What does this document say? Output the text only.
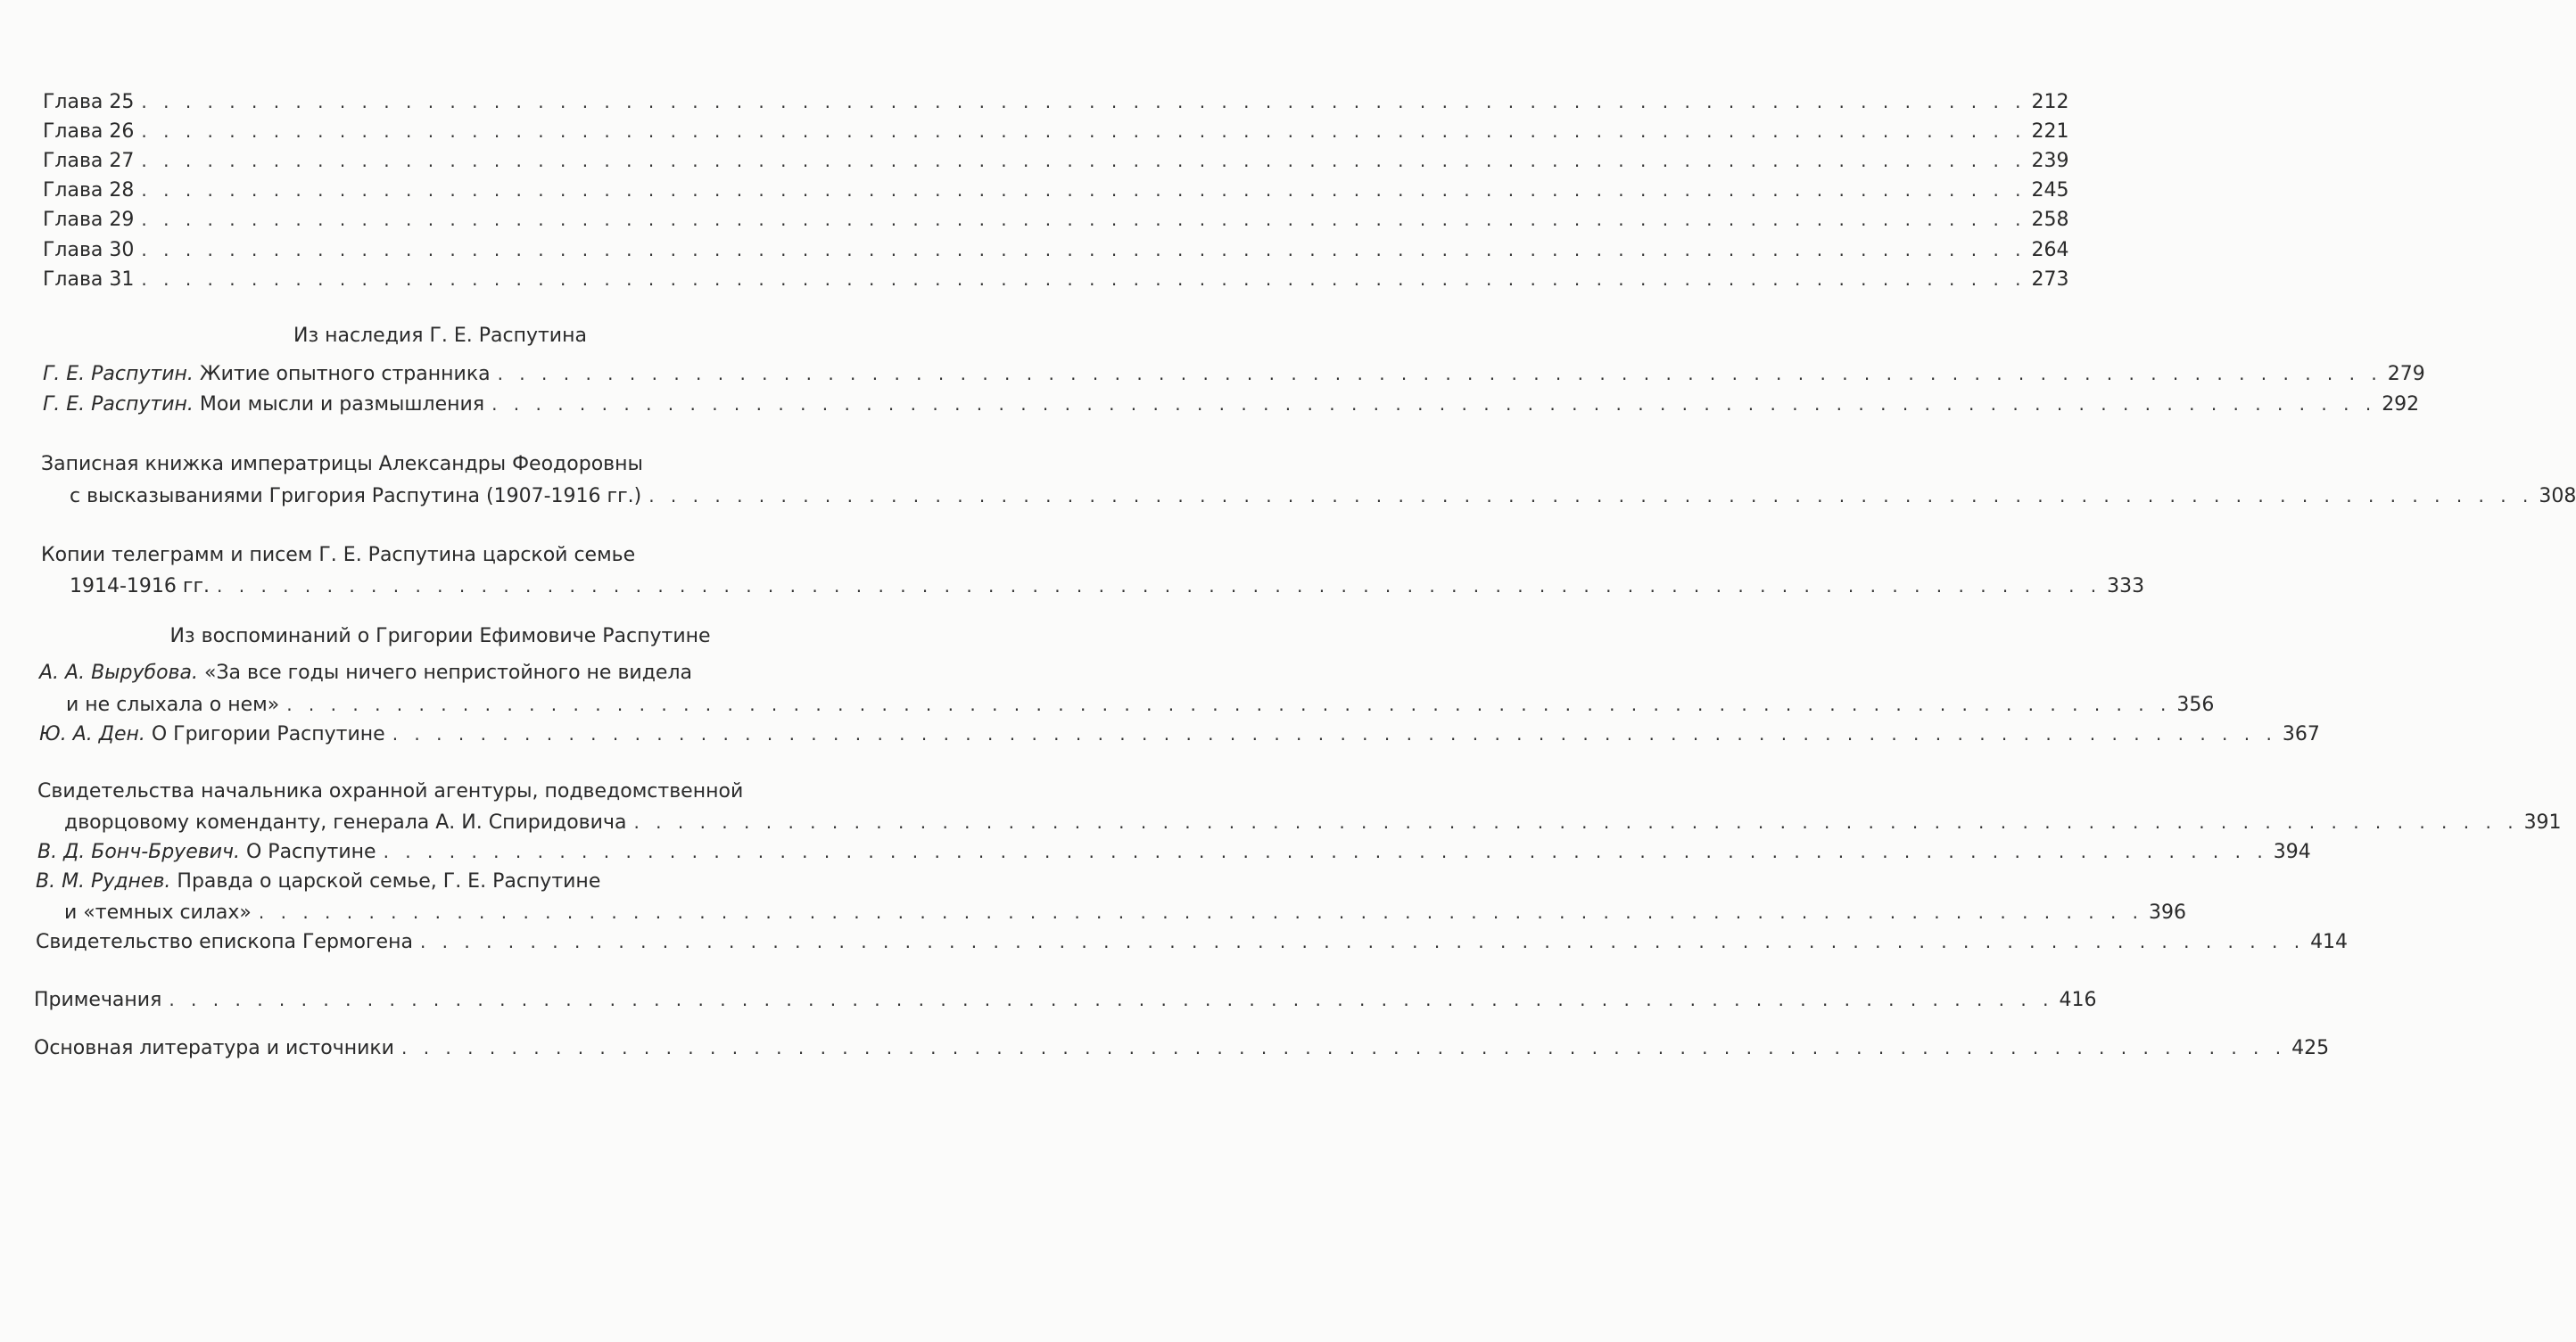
Глава 25 . . . . . . . . . . . . . . . . . . . . . . . . . . . . . . . . . . . . . . . . . . . . . . . . . . . . . . . . . . . . . . . . . . . . . . . . . . . . . . . . . . . . . . 212
Глава 26 . . . . . . . . . . . . . . . . . . . . . . . . . . . . . . . . . . . . . . . . . . . . . . . . . . . . . . . . . . . . . . . . . . . . . . . . . . . . . . . . . . . . . . 221
Глава 27 . . . . . . . . . . . . . . . . . . . . . . . . . . . . . . . . . . . . . . . . . . . . . . . . . . . . . . . . . . . . . . . . . . . . . . . . . . . . . . . . . . . . . . 239
Глава 28 . . . . . . . . . . . . . . . . . . . . . . . . . . . . . . . . . . . . . . . . . . . . . . . . . . . . . . . . . . . . . . . . . . . . . . . . . . . . . . . . . . . . . . 245
Глава 29 . . . . . . . . . . . . . . . . . . . . . . . . . . . . . . . . . . . . . . . . . . . . . . . . . . . . . . . . . . . . . . . . . . . . . . . . . . . . . . . . . . . . . . 258
Глава 30 . . . . . . . . . . . . . . . . . . . . . . . . . . . . . . . . . . . . . . . . . . . . . . . . . . . . . . . . . . . . . . . . . . . . . . . . . . . . . . . . . . . . . . 264
Глава 31 . . . . . . . . . . . . . . . . . . . . . . . . . . . . . . . . . . . . . . . . . . . . . . . . . . . . . . . . . . . . . . . . . . . . . . . . . . . . . . . . . . . . . . 273
Из наследия Г. Е. Распутина
Г. Е. Распутин. Житие опытного странника . . . . . . . . . . . . . . . . . . . . . . . . . . . . . . . . . . . . . . . . . . . . . . . . . . . . . . . . . . . . . . . . . . . . . . . . . . . . . . . . . . . . . . 279
Г. Е. Распутин. Мои мысли и размышления . . . . . . . . . . . . . . . . . . . . . . . . . . . . . . . . . . . . . . . . . . . . . . . . . . . . . . . . . . . . . . . . . . . . . . . . . . . . . . . . . . . . . . 292
Записная книжка императрицы Александры Феодоровны
с высказываниями Григория Распутина (1907-1916 гг.) . . . . . . . . . . . . . . . . . . . . . . . . . . . . . . . . . . . . . . . . . . . . . . . . . . . . . . . . . . . . . . . . . . . . . . . . . . . . . . . . . . . . . . 308
Копии телеграмм и писем Г. Е. Распутина царской семье
1914-1916 гг. . . . . . . . . . . . . . . . . . . . . . . . . . . . . . . . . . . . . . . . . . . . . . . . . . . . . . . . . . . . . . . . . . . . . . . . . . . . . . . . . . . . . . . 333
Из воспоминаний о Григории Ефимовиче Распутине
А. А. Вырубова. «За все годы ничего непристойного не видела
и не слыхала о нем» . . . . . . . . . . . . . . . . . . . . . . . . . . . . . . . . . . . . . . . . . . . . . . . . . . . . . . . . . . . . . . . . . . . . . . . . . . . . . . . . . . . . . . 356
Ю. А. Ден. О Григории Распутине . . . . . . . . . . . . . . . . . . . . . . . . . . . . . . . . . . . . . . . . . . . . . . . . . . . . . . . . . . . . . . . . . . . . . . . . . . . . . . . . . . . . . . 367
Свидетельства начальника охранной агентуры, подведомственной
дворцовому коменданту, генерала А. И. Спиридовича . . . . . . . . . . . . . . . . . . . . . . . . . . . . . . . . . . . . . . . . . . . . . . . . . . . . . . . . . . . . . . . . . . . . . . . . . . . . . . . . . . . . . . 391
В. Д. Бонч-Бруевич. О Распутине . . . . . . . . . . . . . . . . . . . . . . . . . . . . . . . . . . . . . . . . . . . . . . . . . . . . . . . . . . . . . . . . . . . . . . . . . . . . . . . . . . . . . . 394
В. М. Руднев. Правда о царской семье, Г. Е. Распутине
и «темных силах» . . . . . . . . . . . . . . . . . . . . . . . . . . . . . . . . . . . . . . . . . . . . . . . . . . . . . . . . . . . . . . . . . . . . . . . . . . . . . . . . . . . . . . 396
Свидетельство епископа Гермогена . . . . . . . . . . . . . . . . . . . . . . . . . . . . . . . . . . . . . . . . . . . . . . . . . . . . . . . . . . . . . . . . . . . . . . . . . . . . . . . . . . . . . . 414
Примечания . . . . . . . . . . . . . . . . . . . . . . . . . . . . . . . . . . . . . . . . . . . . . . . . . . . . . . . . . . . . . . . . . . . . . . . . . . . . . . . . . . . . . . 416
Основная литература и источники . . . . . . . . . . . . . . . . . . . . . . . . . . . . . . . . . . . . . . . . . . . . . . . . . . . . . . . . . . . . . . . . . . . . . . . . . . . . . . . . . . . . . . 425
